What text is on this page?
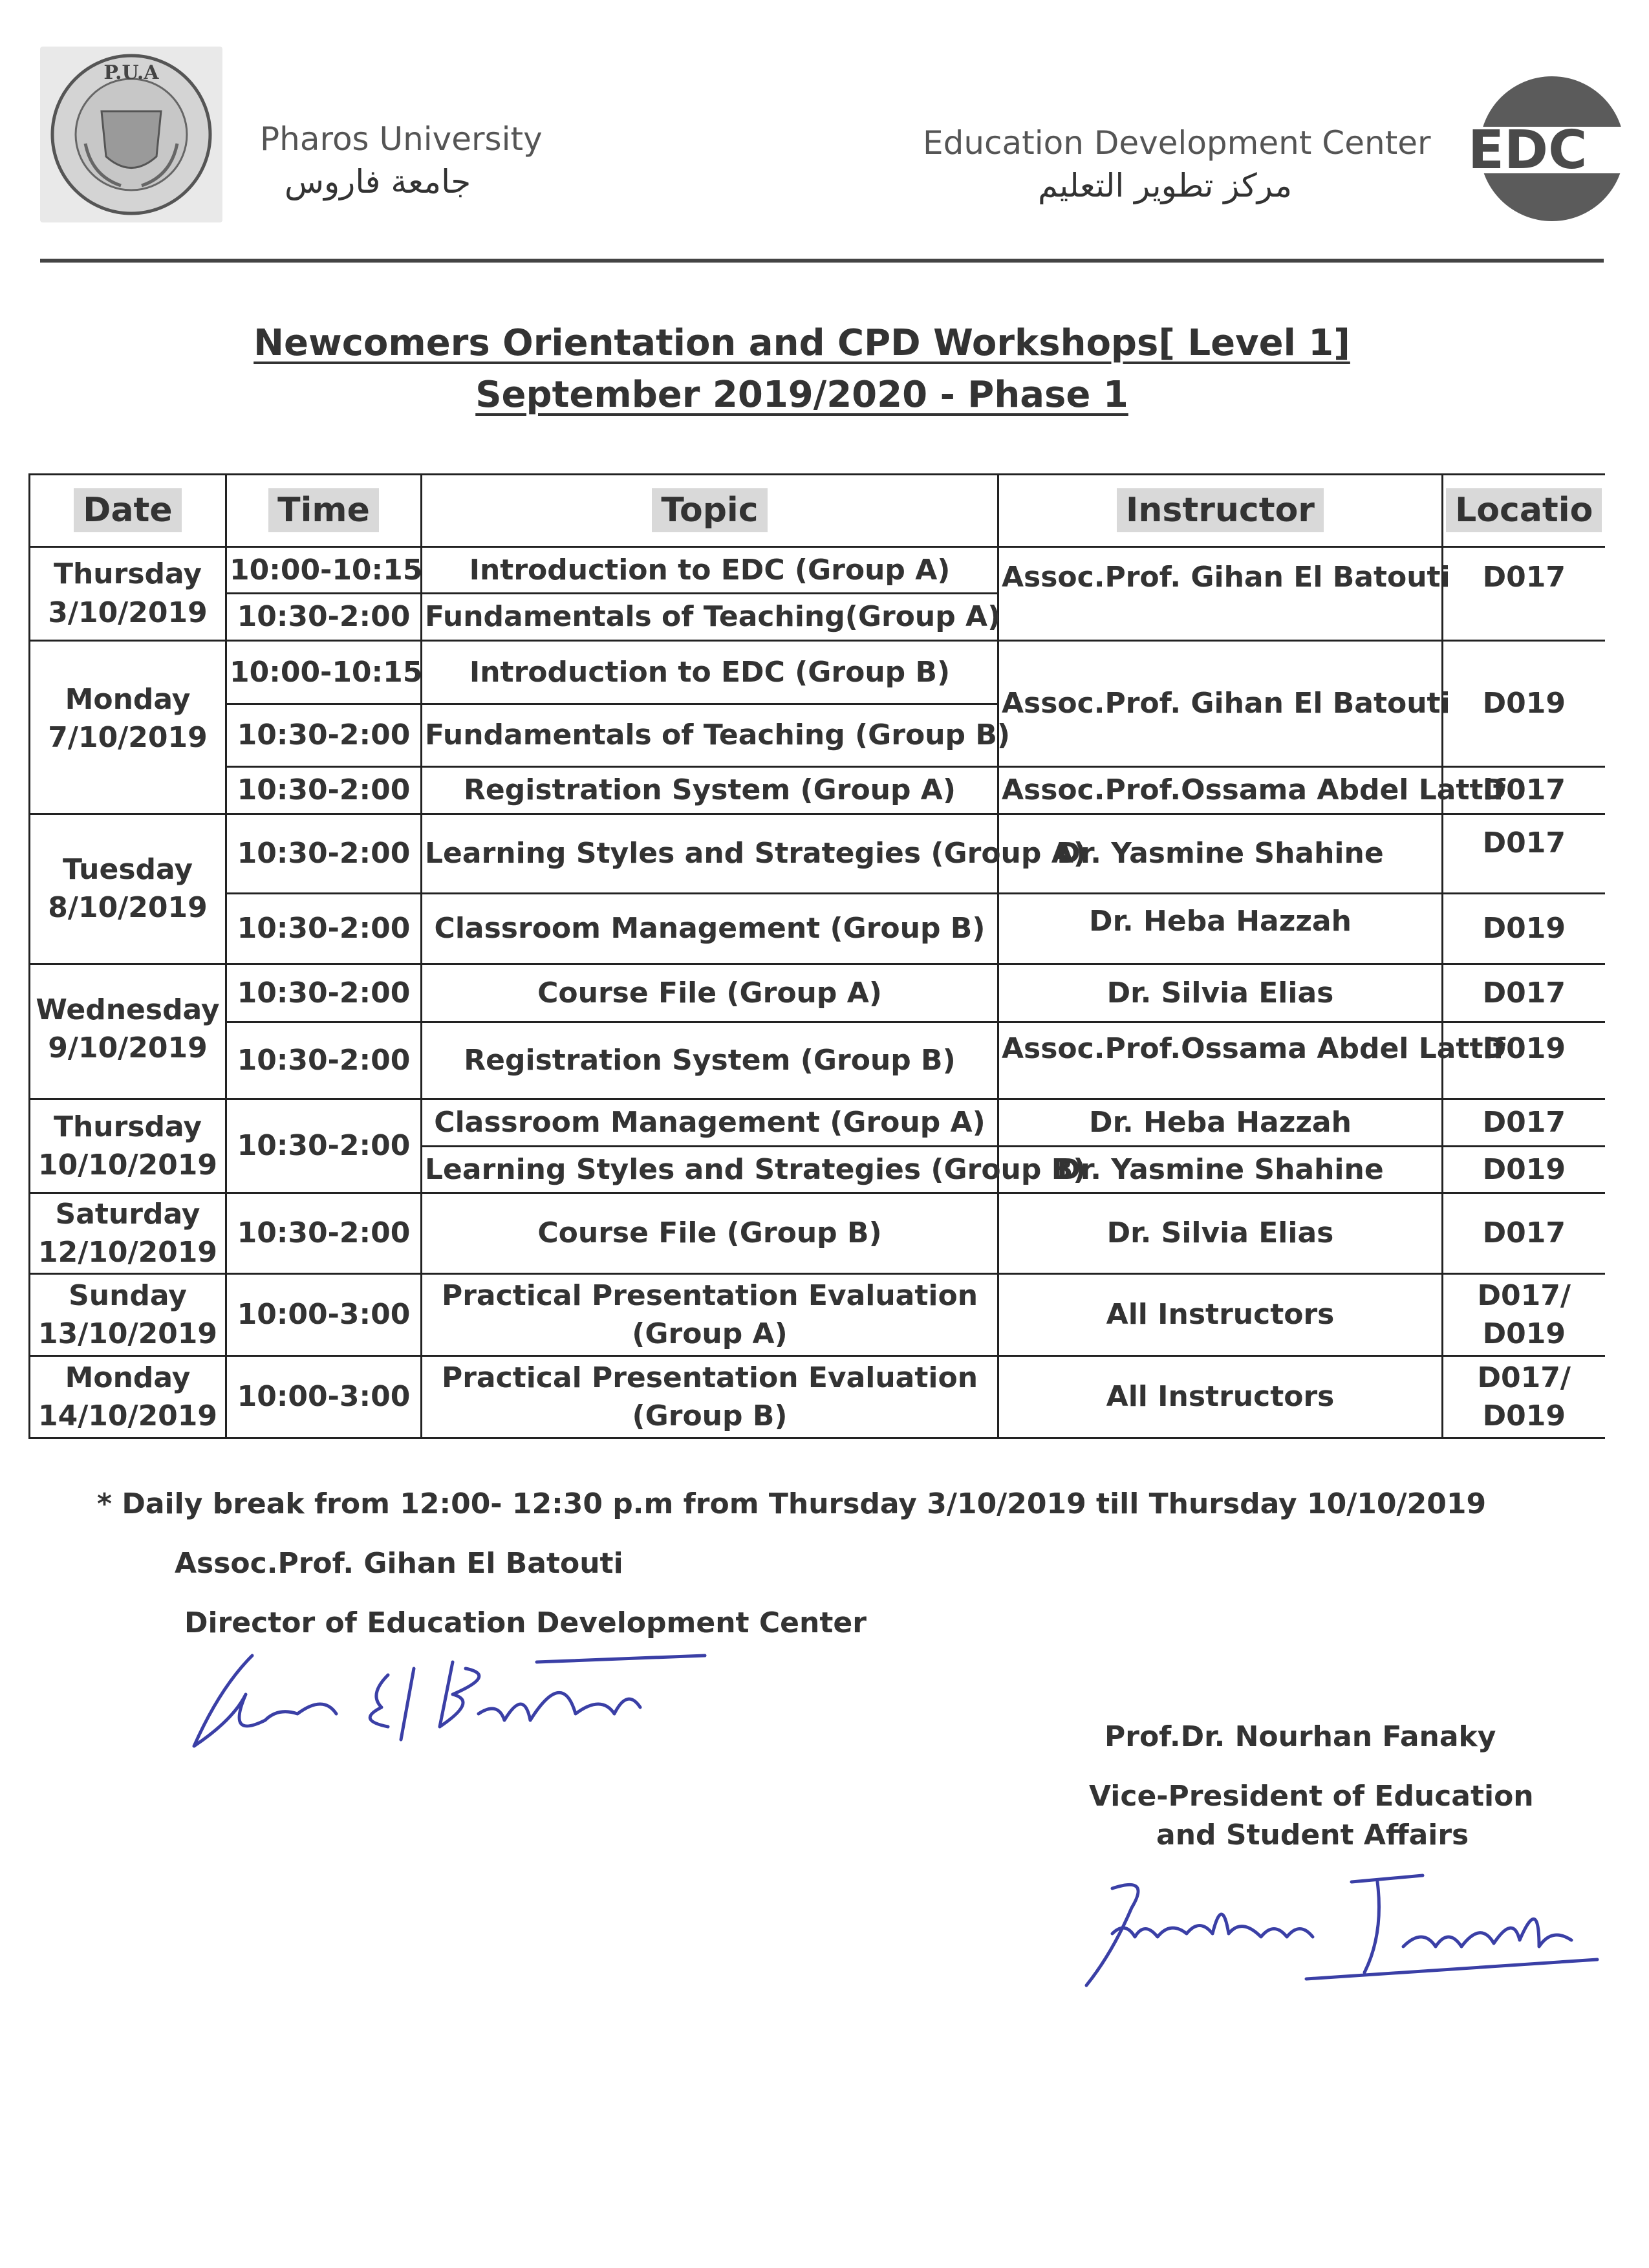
P.U.A
Pharos University
جامعة فاروس
Education Development Center
مركز تطوير التعليم
EDC
Newcomers Orientation and CPD Workshops[ Level 1]
September 2019/2020 - Phase 1
Date	Time	Topic	Instructor	Locatio
Thursday
3/10/2019	10:00-10:15	Introduction to EDC (Group A)	Assoc.Prof. Gihan El Batouti	D017
	10:30-2:00	Fundamentals of Teaching(Group A)		
Monday
7/10/2019	10:00-10:15	Introduction to EDC (Group B)	Assoc.Prof. Gihan El Batouti	D019
	10:30-2:00	Fundamentals of Teaching (Group B)		
	10:30-2:00	Registration System (Group A)	Assoc.Prof.Ossama Abdel Lattif	D017
Tuesday
8/10/2019	10:30-2:00	Learning Styles and Strategies (Group A)	Dr. Yasmine Shahine	D017
	10:30-2:00	Classroom Management (Group B)	Dr. Heba Hazzah	D019
Wednesday
9/10/2019	10:30-2:00	Course File (Group A)	Dr. Silvia Elias	D017
	10:30-2:00	Registration System (Group B)	Assoc.Prof.Ossama Abdel Lattif	D019
Thursday
10/10/2019	10:30-2:00	Classroom Management (Group A)	Dr. Heba Hazzah	D017
		Learning Styles and Strategies (Group B)	Dr. Yasmine Shahine	D019
Saturday
12/10/2019	10:30-2:00	Course File (Group B)	Dr. Silvia Elias	D017
Sunday
13/10/2019	10:00-3:00	Practical Presentation Evaluation
(Group A)	All Instructors	D017/
D019
Monday
14/10/2019	10:00-3:00	Practical Presentation Evaluation
(Group B)	All Instructors	D017/
D019
* Daily break from 12:00- 12:30 p.m from Thursday 3/10/2019 till Thursday 10/10/2019
Assoc.Prof. Gihan El Batouti
Director of Education Development Center
Prof.Dr. Nourhan Fanaky
Vice-President of Education
and Student Affairs
